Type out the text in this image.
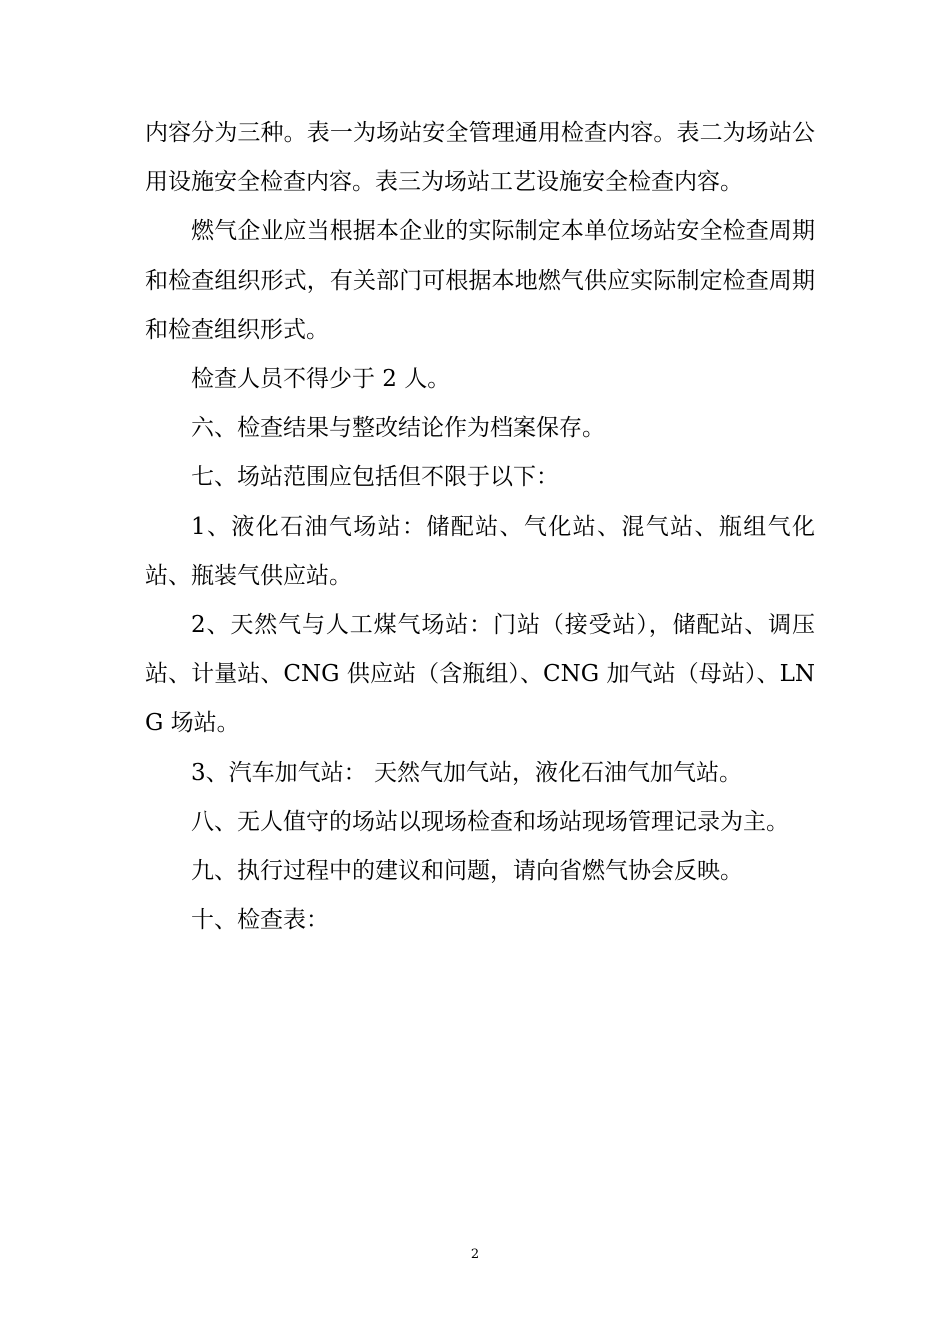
内容分为三种。表一为场站安全管理通用检查内容。表二为场站公用设施安全检查内容。表三为场站工艺设施安全检查内容。

燃气企业应当根据本企业的实际制定本单位场站安全检查周期和检查组织形式，有关部门可根据本地燃气供应实际制定检查周期和检查组织形式。

检查人员不得少于 2 人。

六、检查结果与整改结论作为档案保存。

七、场站范围应包括但不限于以下：

1、液化石油气场站：储配站、气化站、混气站、瓶组气化站、瓶装气供应站。

2、天然气与人工煤气场站：门站（接受站），储配站、调压站、计量站、CNG 供应站（含瓶组）、CNG 加气站（母站）、LNG 场站。

3、汽车加气站： 天然气加气站，液化石油气加气站。

八、无人值守的场站以现场检查和场站现场管理记录为主。

九、执行过程中的建议和问题，请向省燃气协会反映。

十、检查表：

2
